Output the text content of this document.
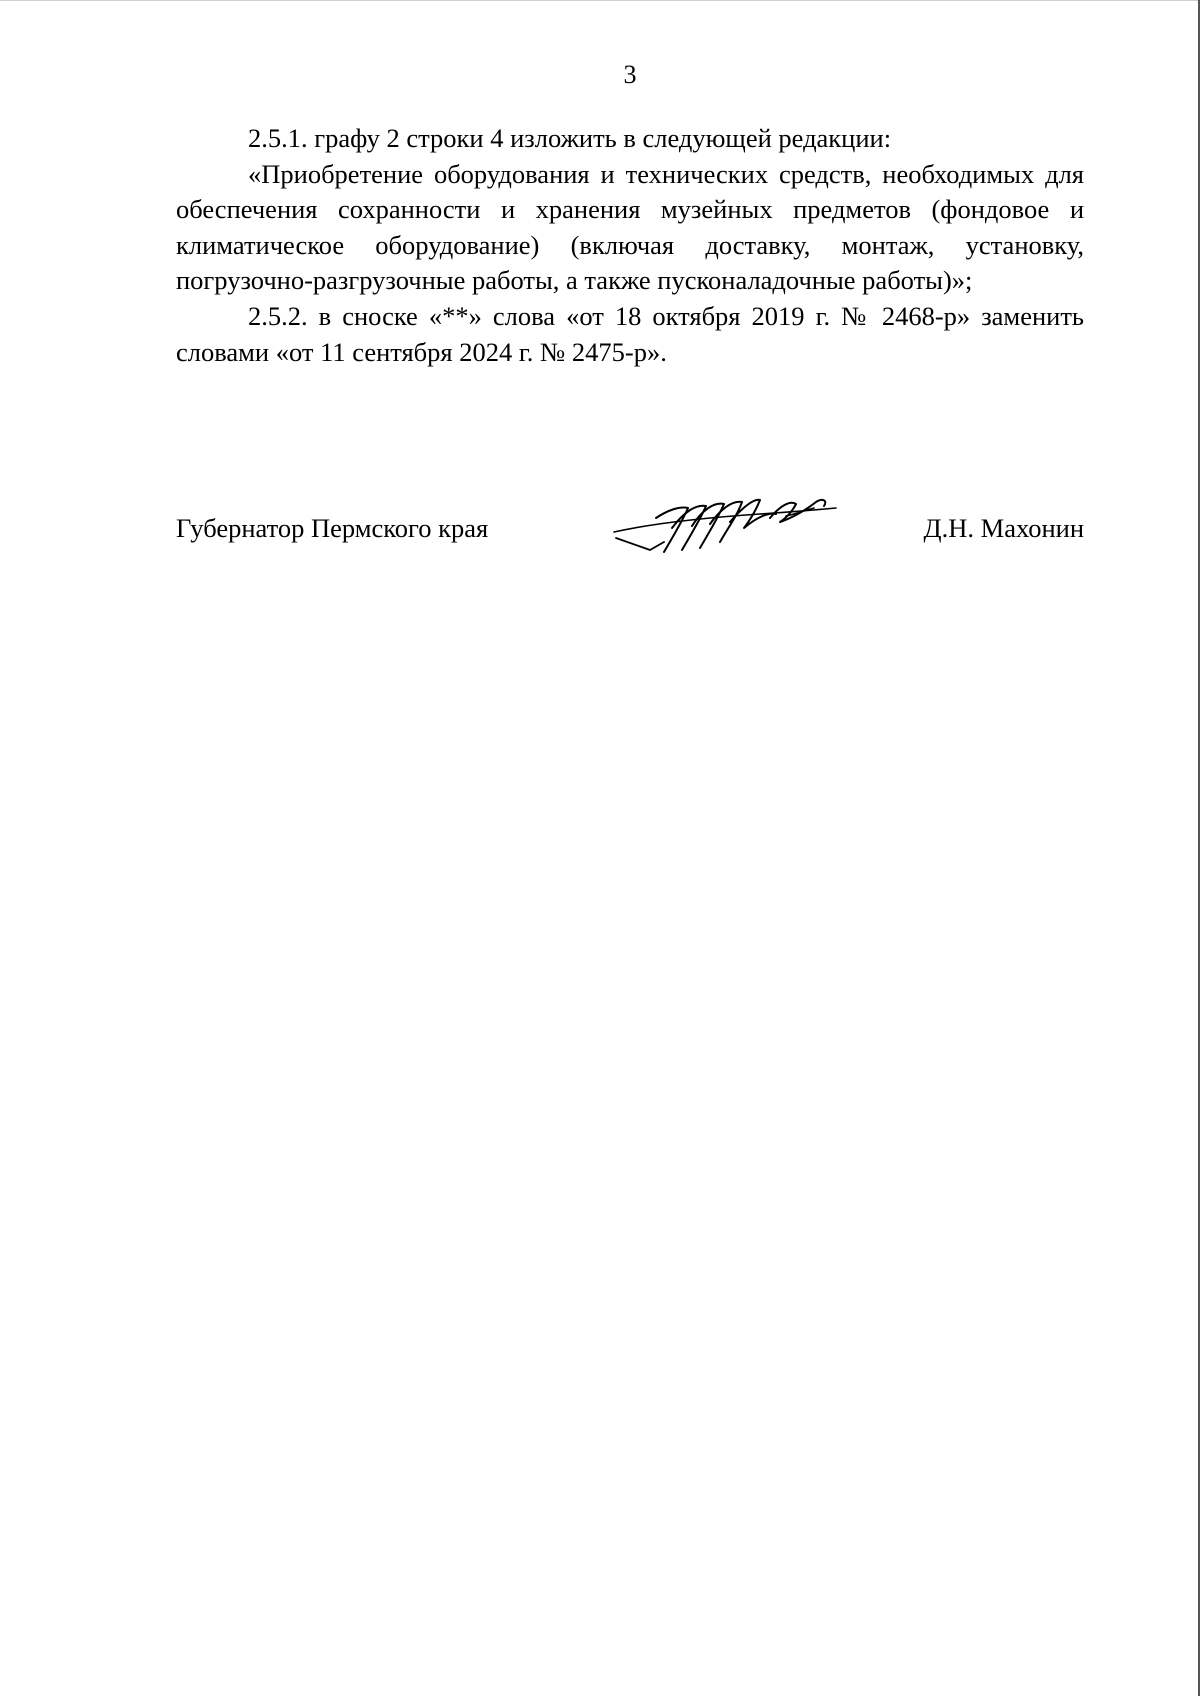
3

2.5.1. графу 2 строки 4 изложить в следующей редакции:

«Приобретение оборудования и технических средств, необходимых для обеспечения сохранности и хранения музейных предметов (фондовое и климатическое оборудование) (включая доставку, монтаж, установку, погрузочно-разгрузочные работы, а также пусконаладочные работы)»;

2.5.2. в сноске «**» слова «от 18 октября 2019 г. № 2468-р» заменить словами «от 11 сентября 2024 г. № 2475-р».

Губернатор Пермского края	Д.Н. Махонин
